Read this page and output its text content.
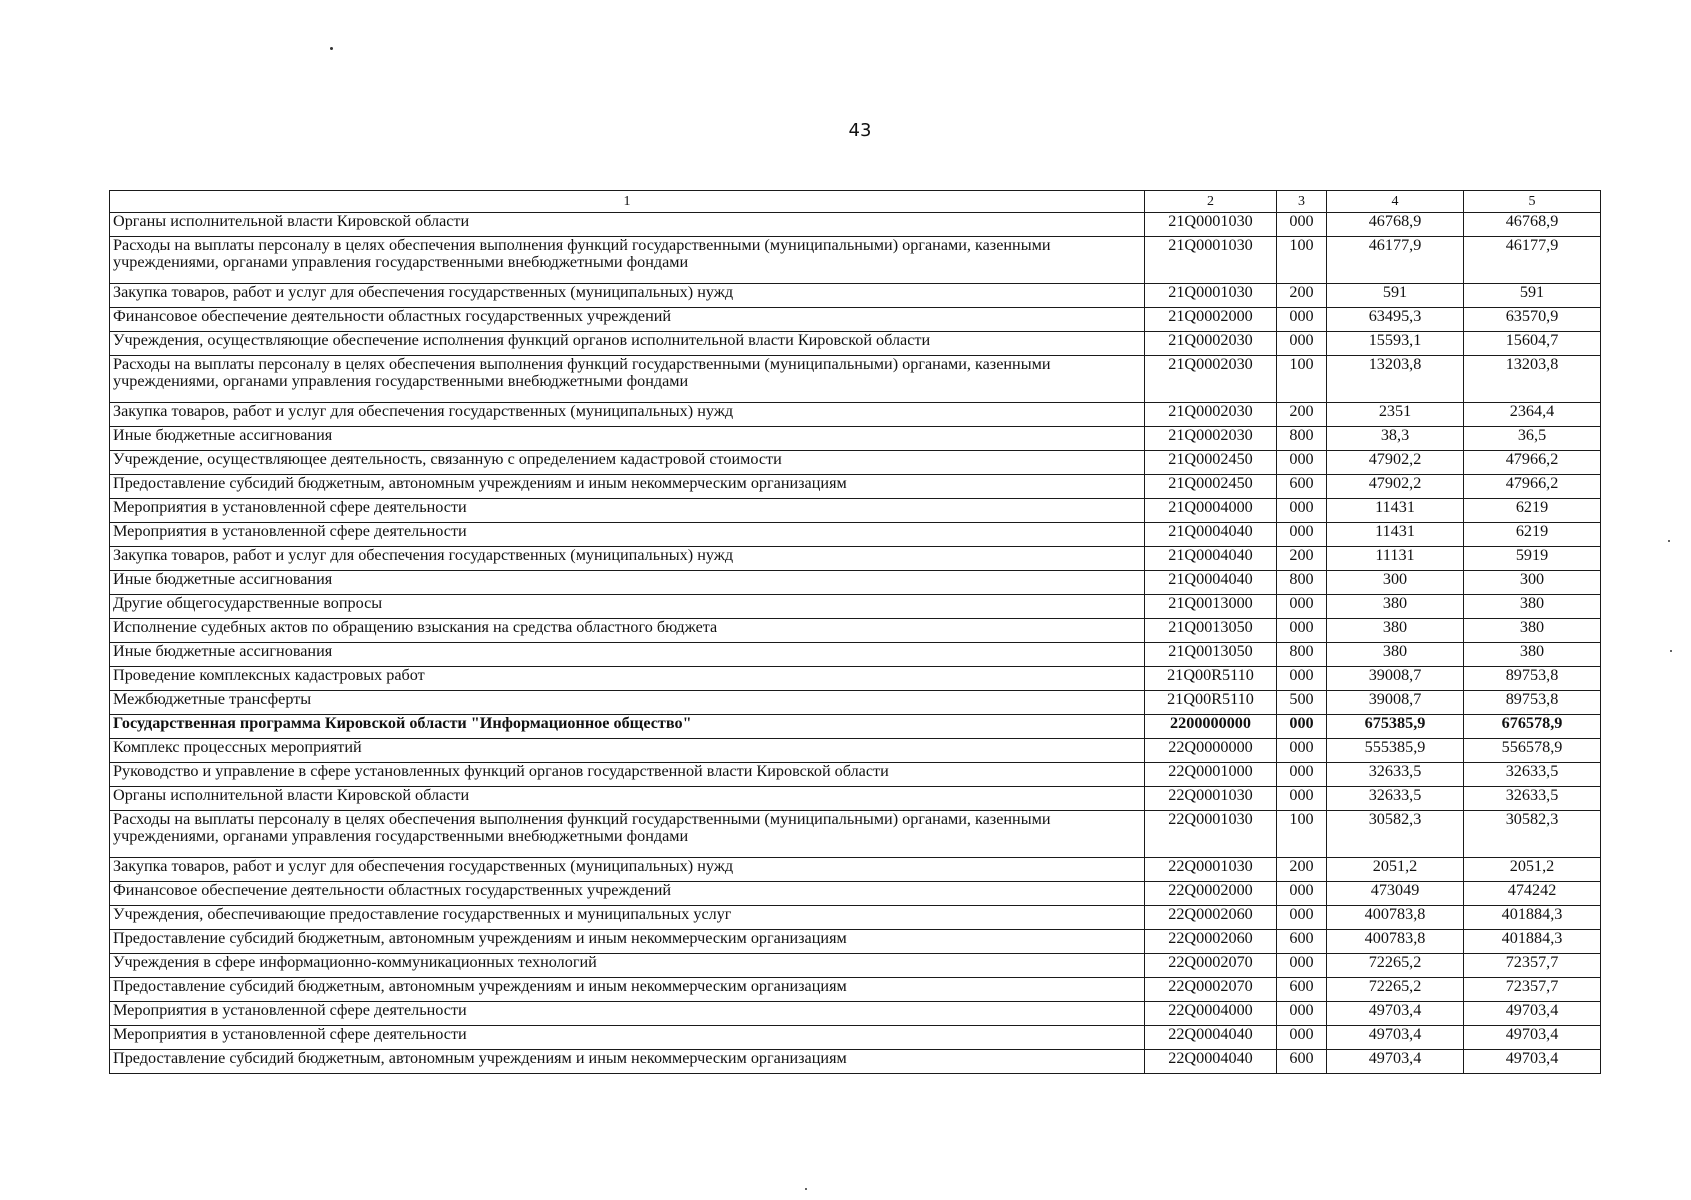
43
1	2	3	4	5
Органы исполнительной власти Кировской области	21Q0001030	000	46768,9	46768,9
Расходы на выплаты персоналу в целях обеспечения выполнения функций государственными (муниципальными) органами, казенными учреждениями, органами управления государственными внебюджетными фондами	21Q0001030	100	46177,9	46177,9
Закупка товаров, работ и услуг для обеспечения государственных (муниципальных) нужд	21Q0001030	200	591	591
Финансовое обеспечение деятельности областных государственных учреждений	21Q0002000	000	63495,3	63570,9
Учреждения, осуществляющие обеспечение исполнения функций органов исполнительной власти Кировской области	21Q0002030	000	15593,1	15604,7
Расходы на выплаты персоналу в целях обеспечения выполнения функций государственными (муниципальными) органами, казенными учреждениями, органами управления государственными внебюджетными фондами	21Q0002030	100	13203,8	13203,8
Закупка товаров, работ и услуг для обеспечения государственных (муниципальных) нужд	21Q0002030	200	2351	2364,4
Иные бюджетные ассигнования	21Q0002030	800	38,3	36,5
Учреждение, осуществляющее деятельность, связанную с определением кадастровой стоимости	21Q0002450	000	47902,2	47966,2
Предоставление субсидий бюджетным, автономным учреждениям и иным некоммерческим организациям	21Q0002450	600	47902,2	47966,2
Мероприятия в установленной сфере деятельности	21Q0004000	000	11431	6219
Мероприятия в установленной сфере деятельности	21Q0004040	000	11431	6219
Закупка товаров, работ и услуг для обеспечения государственных (муниципальных) нужд	21Q0004040	200	11131	5919
Иные бюджетные ассигнования	21Q0004040	800	300	300
Другие общегосударственные вопросы	21Q0013000	000	380	380
Исполнение судебных актов по обращению взыскания на средства областного бюджета	21Q0013050	000	380	380
Иные бюджетные ассигнования	21Q0013050	800	380	380
Проведение комплексных кадастровых работ	21Q00R5110	000	39008,7	89753,8
Межбюджетные трансферты	21Q00R5110	500	39008,7	89753,8
Государственная программа Кировской области "Информационное общество"	2200000000	000	675385,9	676578,9
Комплекс процессных мероприятий	22Q0000000	000	555385,9	556578,9
Руководство и управление в сфере установленных функций органов государственной власти Кировской области	22Q0001000	000	32633,5	32633,5
Органы исполнительной власти Кировской области	22Q0001030	000	32633,5	32633,5
Расходы на выплаты персоналу в целях обеспечения выполнения функций государственными (муниципальными) органами, казенными учреждениями, органами управления государственными внебюджетными фондами	22Q0001030	100	30582,3	30582,3
Закупка товаров, работ и услуг для обеспечения государственных (муниципальных) нужд	22Q0001030	200	2051,2	2051,2
Финансовое обеспечение деятельности областных государственных учреждений	22Q0002000	000	473049	474242
Учреждения, обеспечивающие предоставление государственных и муниципальных услуг	22Q0002060	000	400783,8	401884,3
Предоставление субсидий бюджетным, автономным учреждениям и иным некоммерческим организациям	22Q0002060	600	400783,8	401884,3
Учреждения в сфере информационно-коммуникационных технологий	22Q0002070	000	72265,2	72357,7
Предоставление субсидий бюджетным, автономным учреждениям и иным некоммерческим организациям	22Q0002070	600	72265,2	72357,7
Мероприятия в установленной сфере деятельности	22Q0004000	000	49703,4	49703,4
Мероприятия в установленной сфере деятельности	22Q0004040	000	49703,4	49703,4
Предоставление субсидий бюджетным, автономным учреждениям и иным некоммерческим организациям	22Q0004040	600	49703,4	49703,4
